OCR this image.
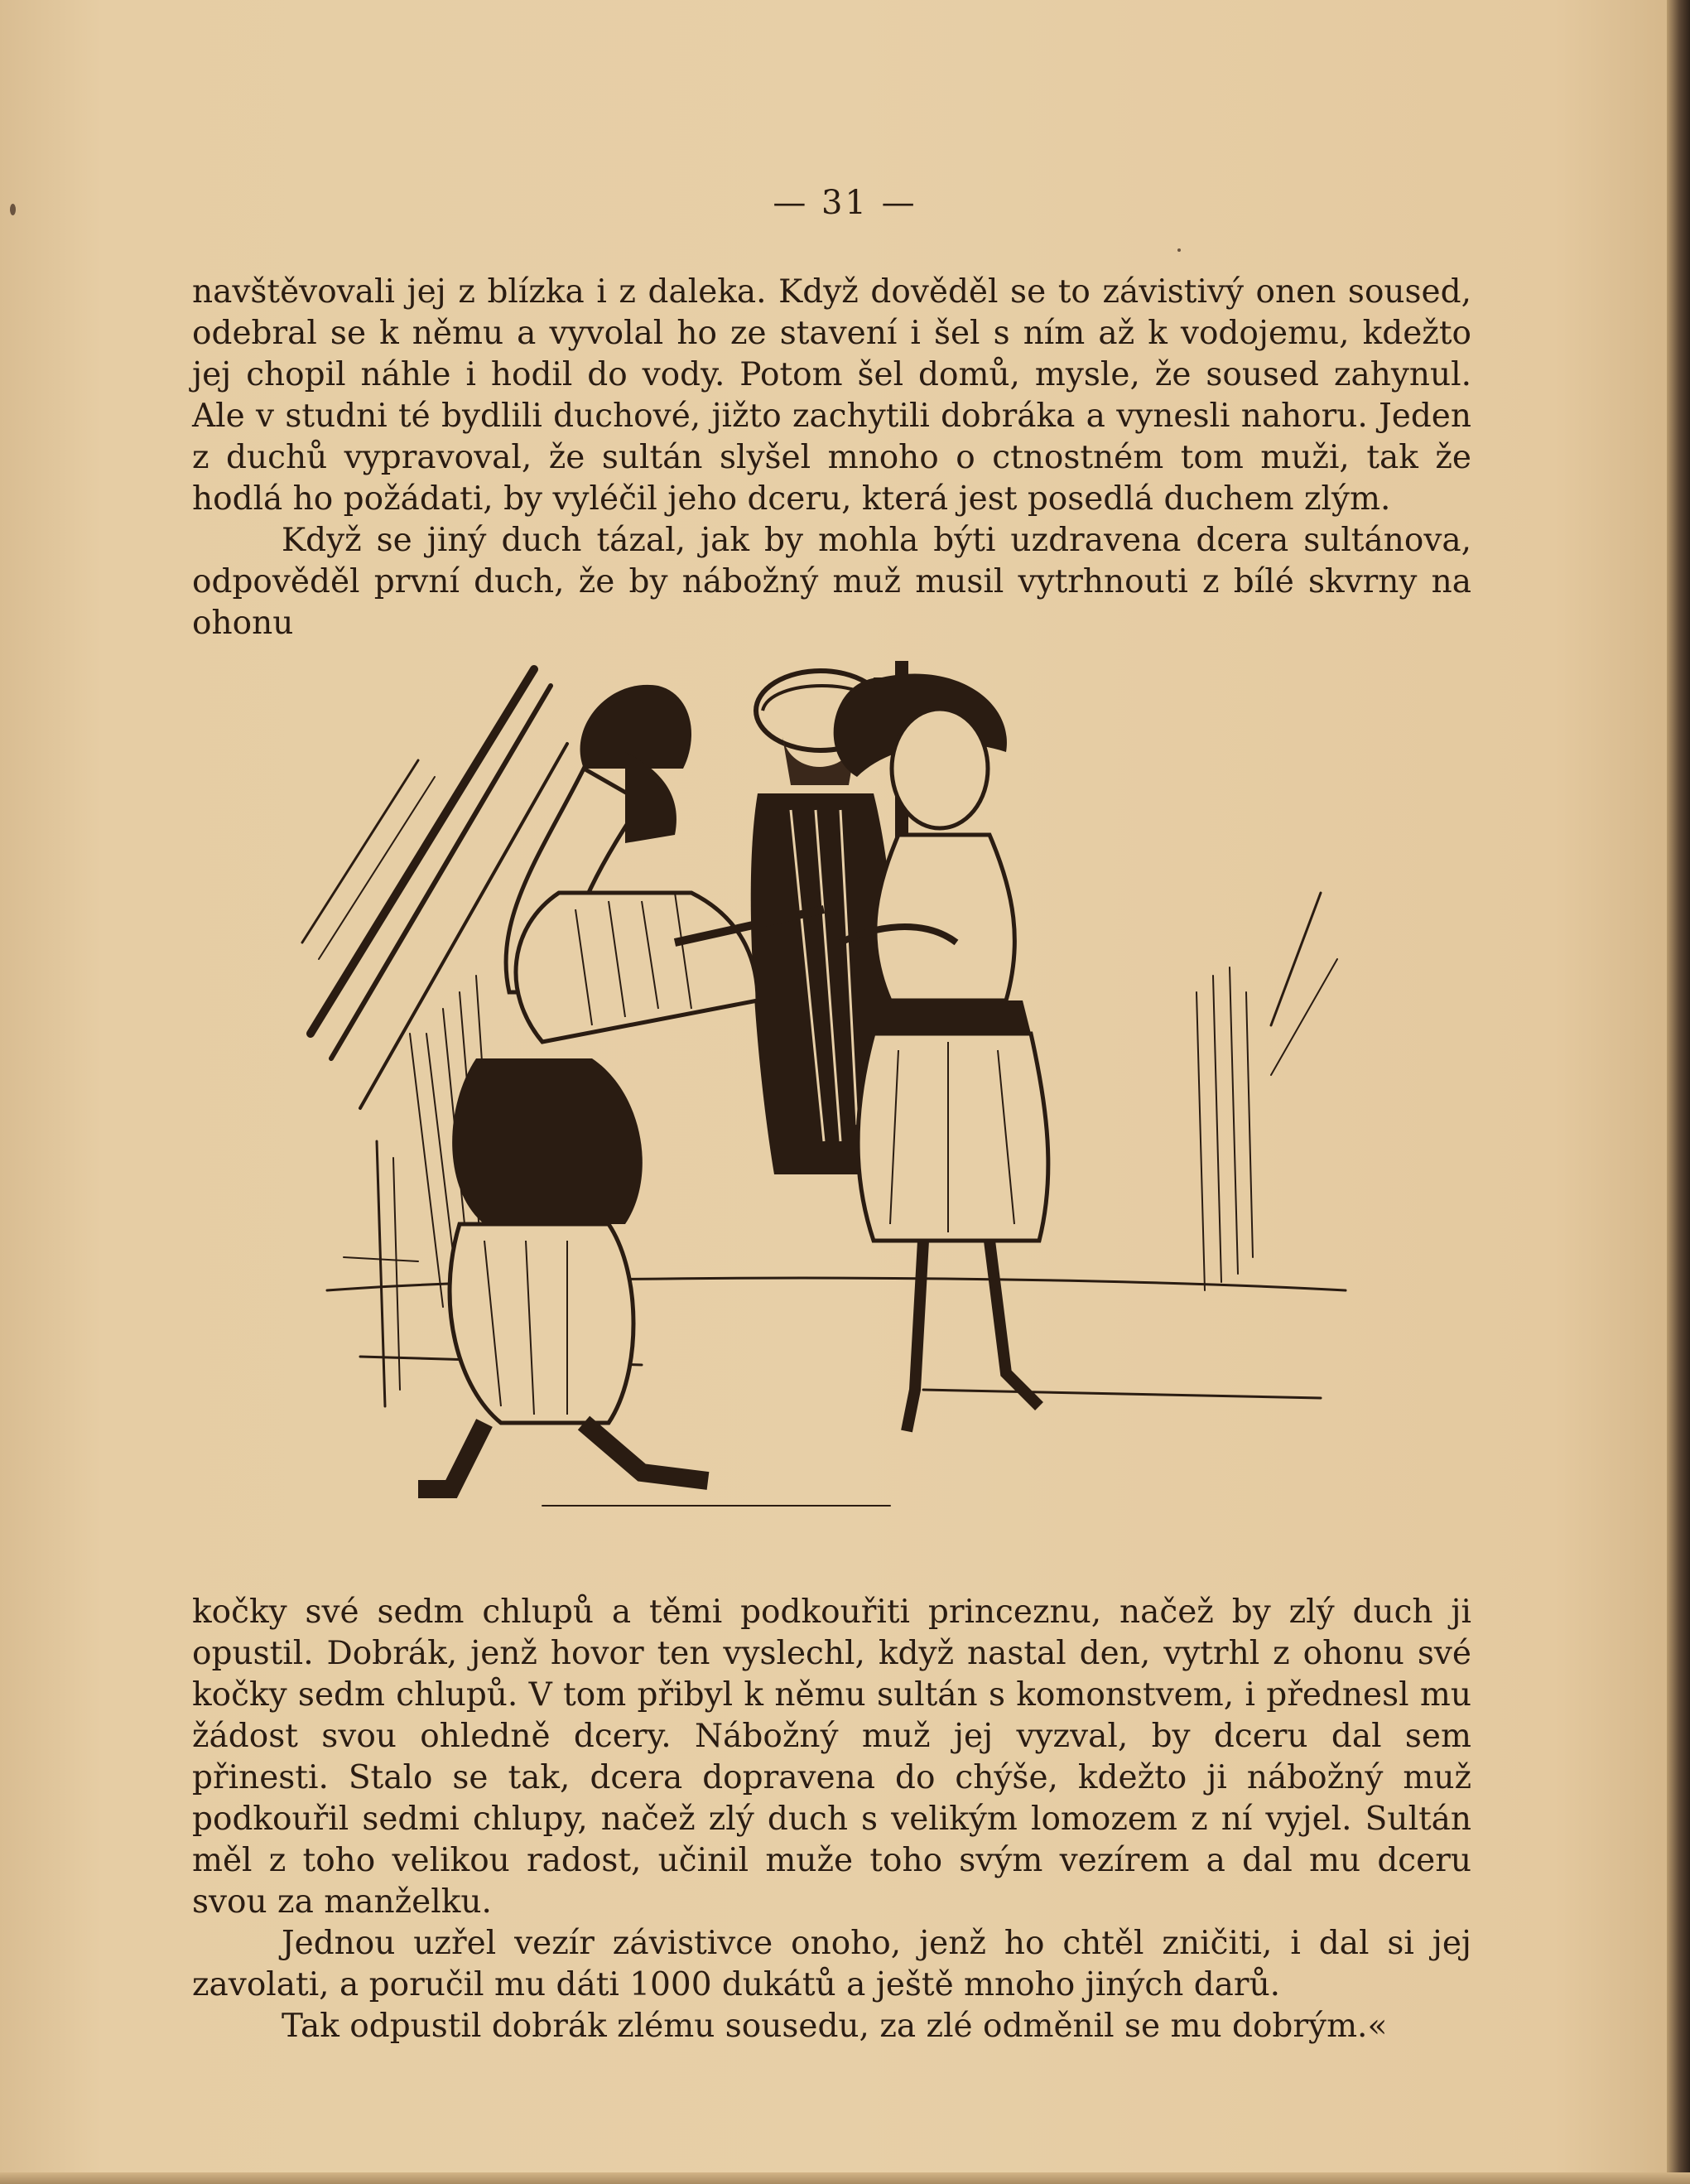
— 31 —

navštěvovali jej z blízka i z daleka. Když dověděl se to závistivý onen soused, odebral se k němu a vyvolal ho ze stavení i šel s ním až k vodojemu, kdežto jej chopil náhle i hodil do vody. Potom šel domů, mysle, že soused zahynul. Ale v studni té bydlili duchové, jižto zachytili dobráka a vynesli nahoru. Jeden z duchů vypravoval, že sultán slyšel mnoho o ctnostném tom muži, tak že hodlá ho požádati, by vyléčil jeho dceru, která jest posedlá duchem zlým.

Když se jiný duch tázal, jak by mohla býti uzdravena dcera sultánova, odpověděl první duch, že by nábožný muž musil vytrhnouti z bílé skvrny na ohonu

kočky své sedm chlupů a těmi podkouřiti princeznu, načež by zlý duch ji opustil. Dobrák, jenž hovor ten vyslechl, když nastal den, vytrhl z ohonu své kočky sedm chlupů. V tom přibyl k němu sultán s komonstvem, i přednesl mu žádost svou ohledně dcery. Nábožný muž jej vyzval, by dceru dal sem přinesti. Stalo se tak, dcera dopravena do chýše, kdežto ji nábožný muž podkouřil sedmi chlupy, načež zlý duch s velikým lomozem z ní vyjel. Sultán měl z toho velikou radost, učinil muže toho svým vezírem a dal mu dceru svou za manželku.

Jednou uzřel vezír závistivce onoho, jenž ho chtěl zničiti, i dal si jej zavolati, a poručil mu dáti 1000 dukátů a ještě mnoho jiných darů.

Tak odpustil dobrák zlému sousedu, za zlé odměnil se mu dobrým.«
